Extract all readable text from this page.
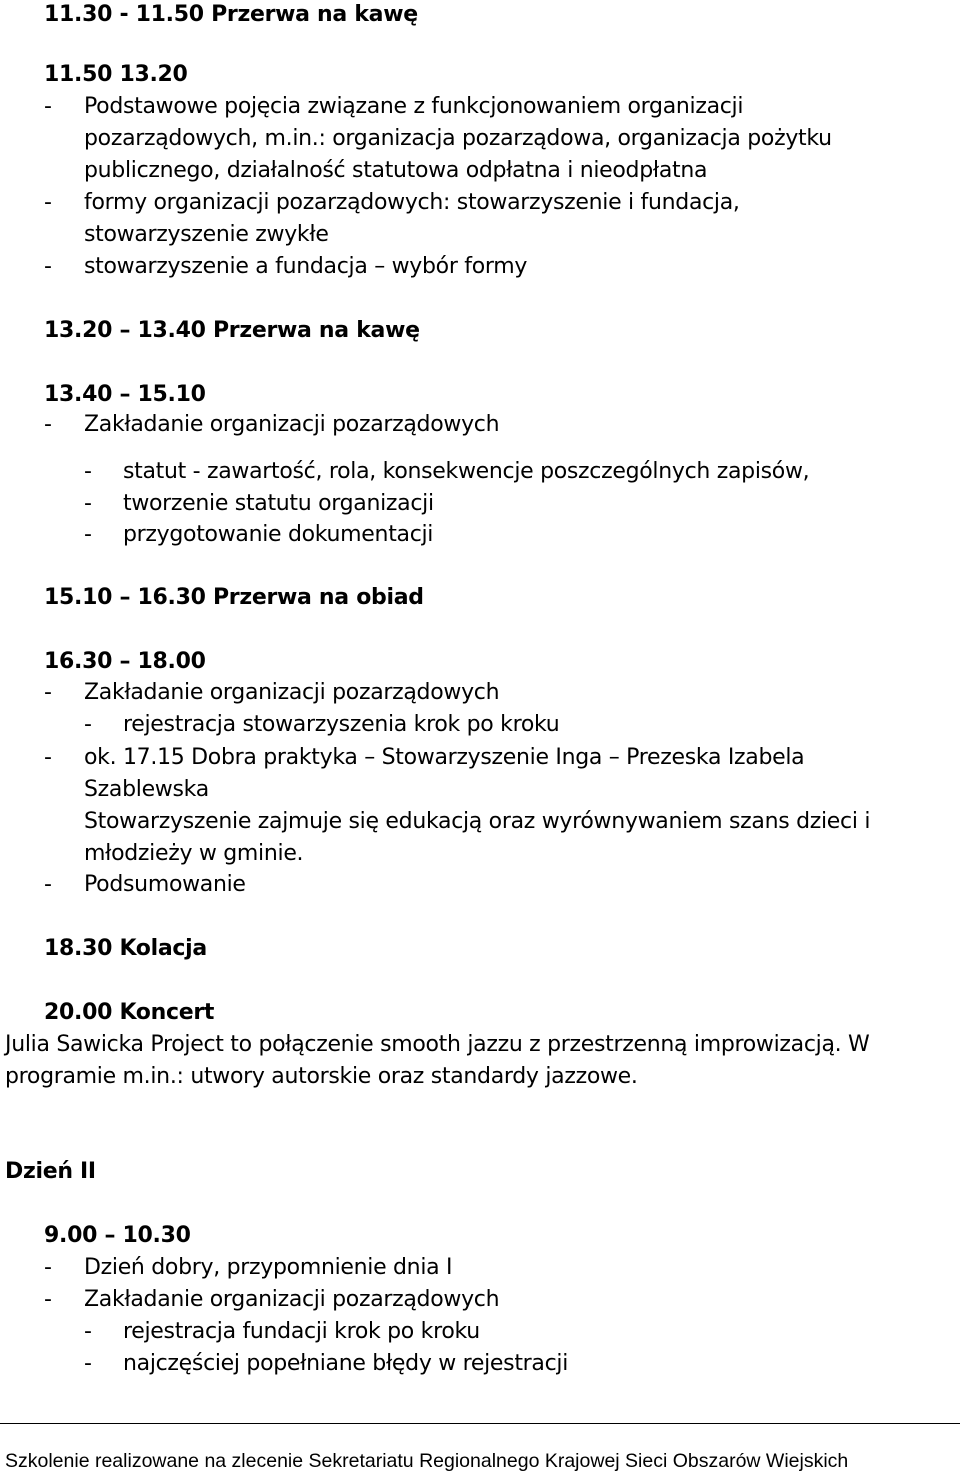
11.30 - 11.50 Przerwa na kawę
11.50 13.20
- Podstawowe pojęcia związane z funkcjonowaniem organizacji
pozarządowych, m.in.: organizacja pozarządowa, organizacja pożytku
publicznego, działalność statutowa odpłatna i nieodpłatna
- formy organizacji pozarządowych: stowarzyszenie i fundacja,
stowarzyszenie zwykłe
- stowarzyszenie a fundacja – wybór formy
13.20 – 13.40 Przerwa na kawę
13.40 – 15.10
- Zakładanie organizacji pozarządowych
- statut - zawartość, rola, konsekwencje poszczególnych zapisów,
- tworzenie statutu organizacji
- przygotowanie dokumentacji
15.10 – 16.30 Przerwa na obiad
16.30 – 18.00
- Zakładanie organizacji pozarządowych
- rejestracja stowarzyszenia krok po kroku
- ok. 17.15 Dobra praktyka – Stowarzyszenie Inga – Prezeska Izabela
Szablewska
Stowarzyszenie zajmuje się edukacją oraz wyrównywaniem szans dzieci i
młodzieży w gminie.
- Podsumowanie
18.30 Kolacja
20.00 Koncert
Julia Sawicka Project to połączenie smooth jazzu z przestrzenną improwizacją. W
programie m.in.: utwory autorskie oraz standardy jazzowe.
Dzień II
9.00 – 10.30
- Dzień dobry, przypomnienie dnia I
- Zakładanie organizacji pozarządowych
- rejestracja fundacji krok po kroku
- najczęściej popełniane błędy w rejestracji
Szkolenie realizowane na zlecenie Sekretariatu Regionalnego Krajowej Sieci Obszarów Wiejskich
